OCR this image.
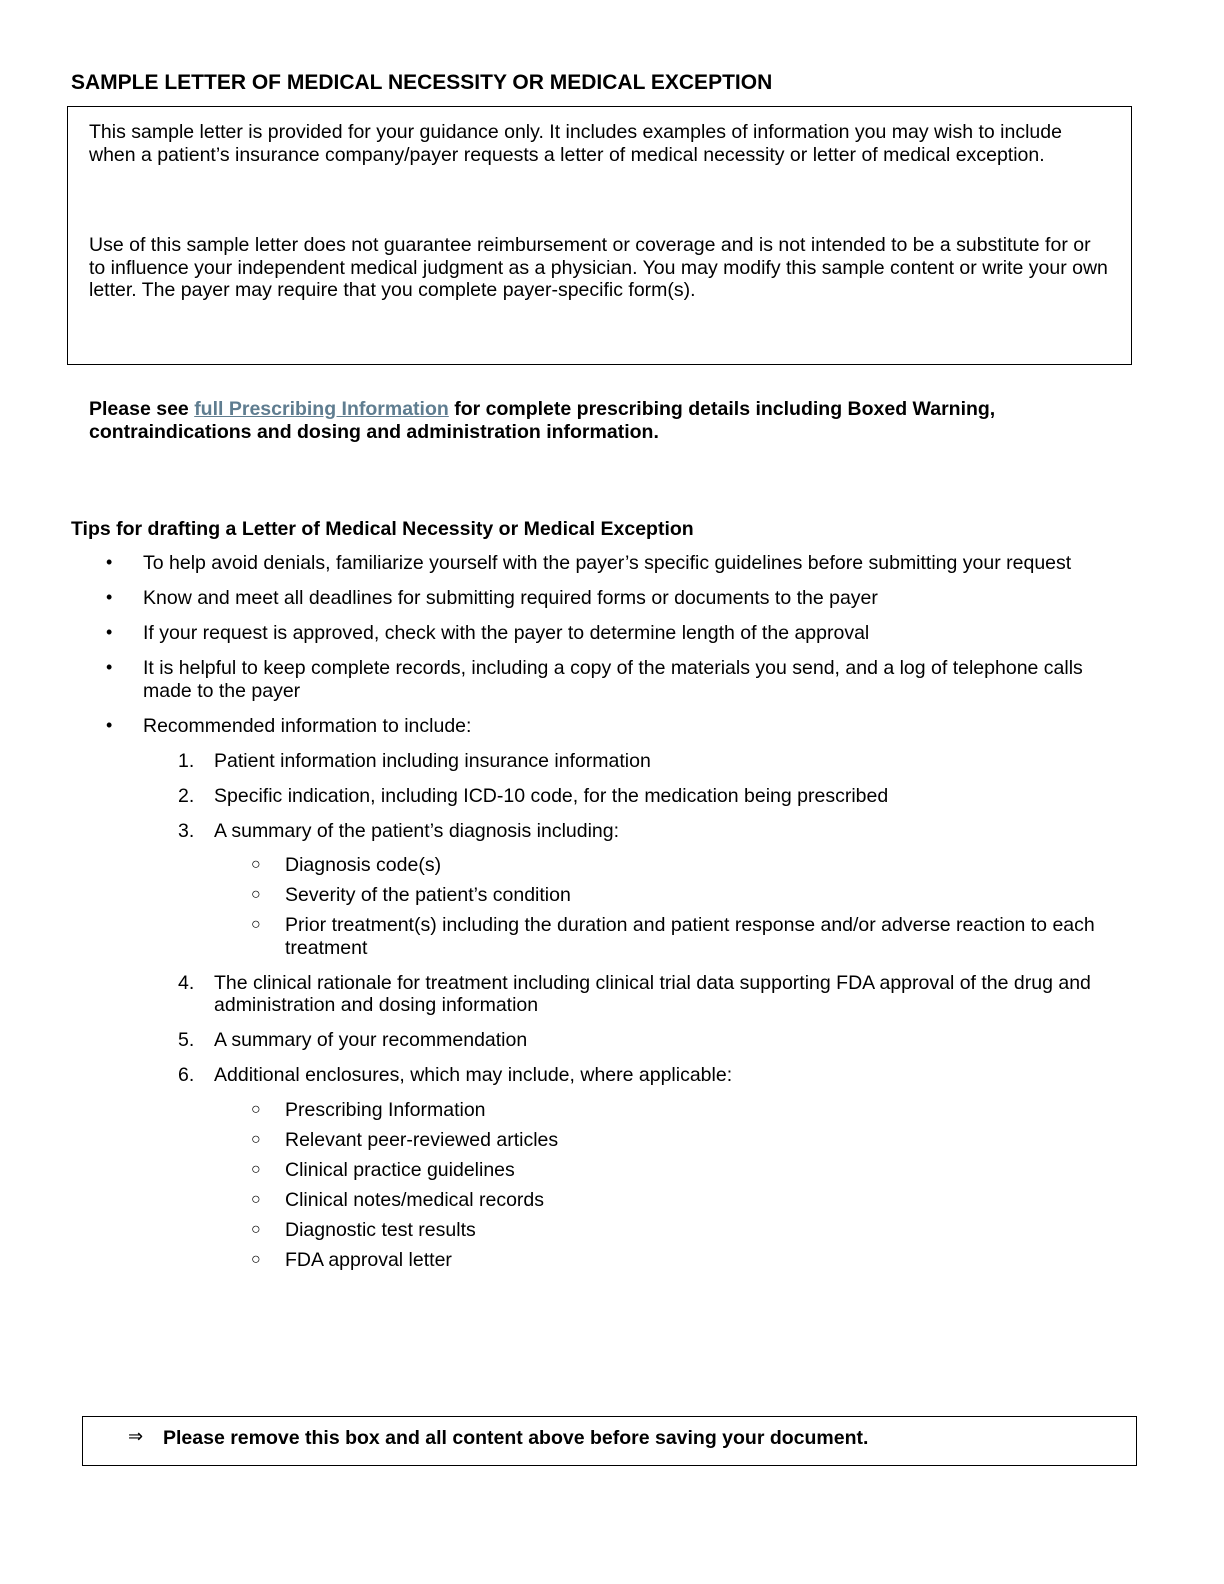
SAMPLE LETTER OF MEDICAL NECESSITY OR MEDICAL EXCEPTION

This sample letter is provided for your guidance only. It includes examples of information you may wish to include when a patient’s insurance company/payer requests a letter of medical necessity or letter of medical exception.

Use of this sample letter does not guarantee reimbursement or coverage and is not intended to be a substitute for or to influence your independent medical judgment as a physician. You may modify this sample content or write your own letter. The payer may require that you complete payer-specific form(s).

Please see full Prescribing Information for complete prescribing details including Boxed Warning, contraindications and dosing and administration information.

Tips for drafting a Letter of Medical Necessity or Medical Exception

• To help avoid denials, familiarize yourself with the payer’s specific guidelines before submitting your request
• Know and meet all deadlines for submitting required forms or documents to the payer
• If your request is approved, check with the payer to determine length of the approval
• It is helpful to keep complete records, including a copy of the materials you send, and a log of telephone calls made to the payer
• Recommended information to include:
1. Patient information including insurance information
2. Specific indication, including ICD-10 code, for the medication being prescribed
3. A summary of the patient’s diagnosis including:
○ Diagnosis code(s)
○ Severity of the patient’s condition
○ Prior treatment(s) including the duration and patient response and/or adverse reaction to each treatment
4. The clinical rationale for treatment including clinical trial data supporting FDA approval of the drug and administration and dosing information
5. A summary of your recommendation
6. Additional enclosures, which may include, where applicable:
○ Prescribing Information
○ Relevant peer-reviewed articles
○ Clinical practice guidelines
○ Clinical notes/medical records
○ Diagnostic test results
○ FDA approval letter
⇒ Please remove this box and all content above before saving your document.
